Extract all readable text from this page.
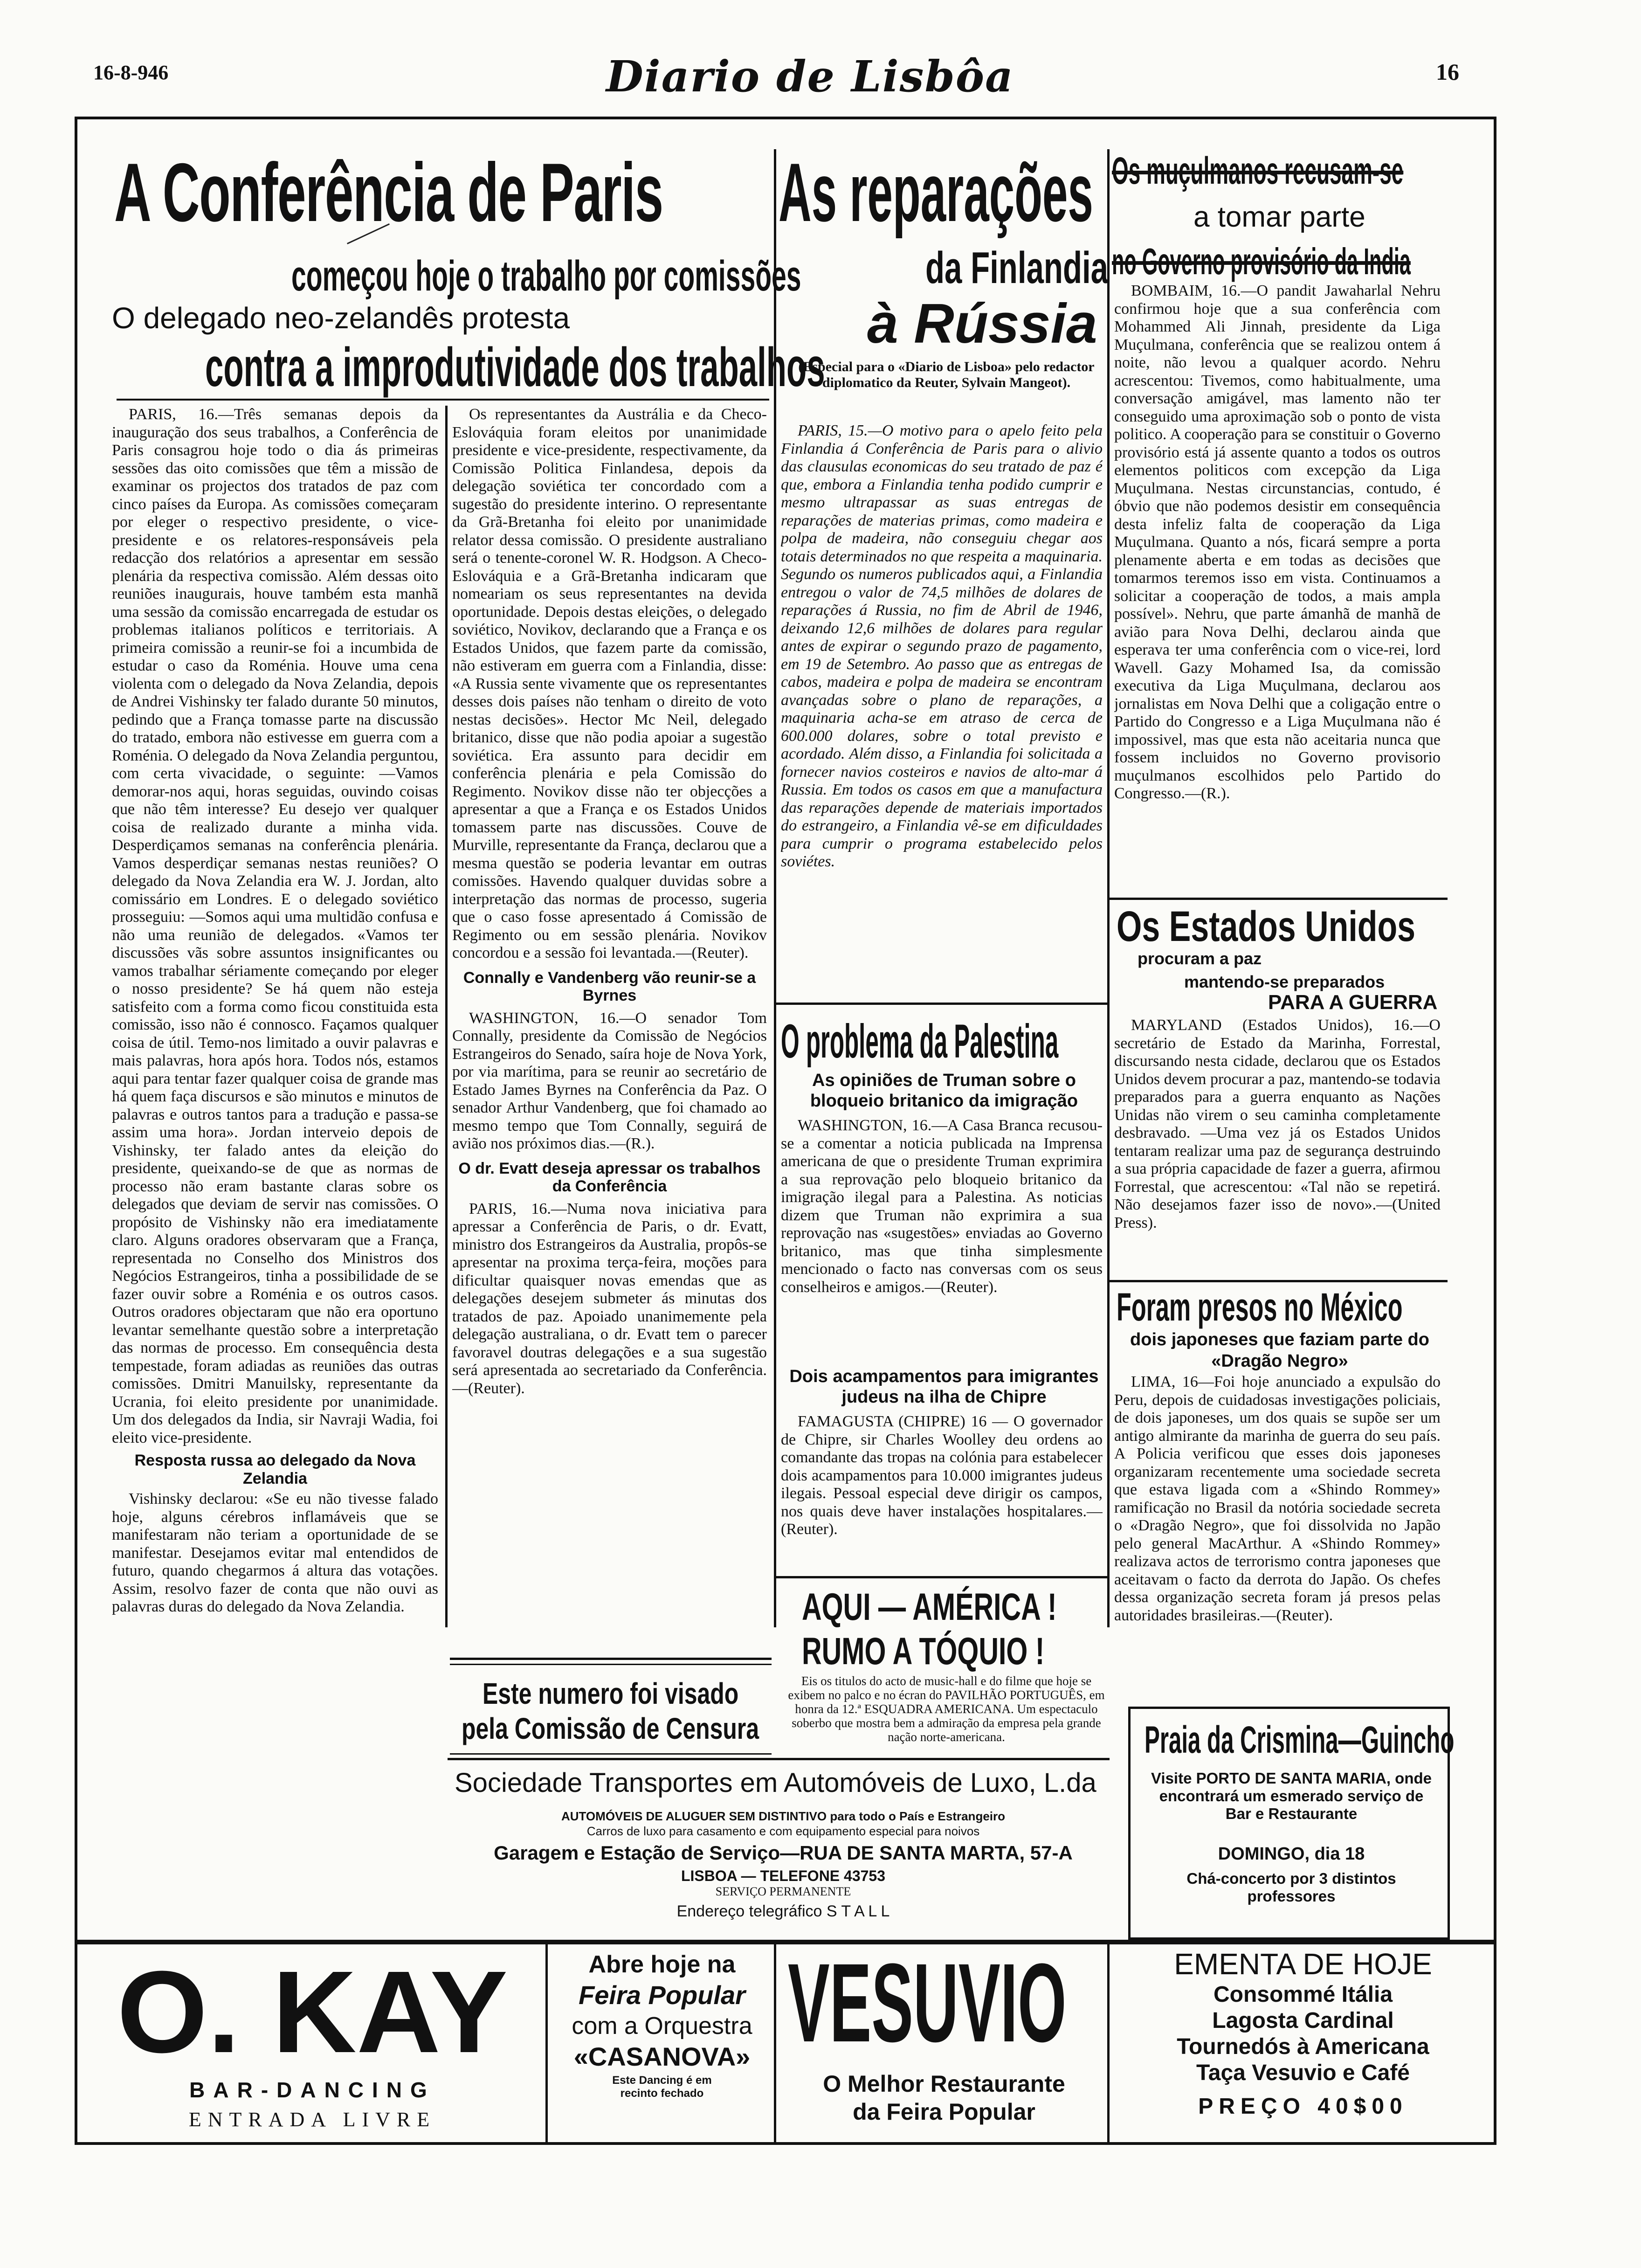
16-8-946	Diario de Lisbôa	16
A Conferência de Paris
começou hoje o trabalho por comissões
O delegado neo-zelandês protesta
contra a improdutividade dos trabalhos

PARIS, 16.—Três semanas depois da inauguração dos seus trabalhos, a Conferência de Paris consagrou hoje todo o dia ás primeiras sessões das oito comissões que têm a missão de examinar os projectos dos tratados de paz com cinco países da Europa. As comissões começaram por eleger o respectivo presidente, o vice-presidente e os relatores-responsáveis pela redacção dos relatórios a apresentar em sessão plenária da respectiva comissão. Além dessas oito reuniões inaugurais, houve também esta manhã uma sessão da comissão encarregada de estudar os problemas italianos políticos e territoriais. A primeira comissão a reunir-se foi a incumbida de estudar o caso da Roménia. Houve uma cena violenta com o delegado da Nova Zelandia, depois de Andrei Vishinsky ter falado durante 50 minutos, pedindo que a França tomasse parte na discussão do tratado, embora não estivesse em guerra com a Roménia. O delegado da Nova Zelandia perguntou, com certa vivacidade, o seguinte: —Vamos demorar-nos aqui, horas seguidas, ouvindo coisas que não têm interesse? Eu desejo ver qualquer coisa de realizado durante a minha vida. Desperdiçamos semanas na conferência plenária. Vamos desperdiçar semanas nestas reuniões? O delegado da Nova Zelandia era W. J. Jordan, alto comissário em Londres. E o delegado soviético prosseguiu: —Somos aqui uma multidão confusa e não uma reunião de delegados. «Vamos ter discussões vãs sobre assuntos insignificantes ou vamos trabalhar sériamente começando por eleger o nosso presidente? Se há quem não esteja satisfeito com a forma como ficou constituida esta comissão, isso não é connosco. Façamos qualquer coisa de útil. Temo-nos limitado a ouvir palavras e mais palavras, hora após hora. Todos nós, estamos aqui para tentar fazer qualquer coisa de grande mas há quem faça discursos e são minutos e minutos de palavras e outros tantos para a tradução e passa-se assim uma hora». Jordan interveio depois de Vishinsky, ter falado antes da eleição do presidente, queixando-se de que as normas de processo não eram bastante claras sobre os delegados que deviam de servir nas comissões. O propósito de Vishinsky não era imediatamente claro. Alguns oradores observaram que a França, representada no Conselho dos Ministros dos Negócios Estrangeiros, tinha a possibilidade de se fazer ouvir sobre a Roménia e os outros casos. Outros oradores objectaram que não era oportuno levantar semelhante questão sobre a interpretação das normas de processo. Em consequência desta tempestade, foram adiadas as reuniões das outras comissões. Dmitri Manuilsky, representante da Ucrania, foi eleito presidente por unanimidade. Um dos delegados da India, sir Navraji Wadia, foi eleito vice-presidente.

Resposta russa ao delegado da Nova Zelandia

Vishinsky declarou: «Se eu não tivesse falado hoje, alguns cérebros inflamáveis que se manifestaram não teriam a oportunidade de se manifestar. Desejamos evitar mal entendidos de futuro, quando chegarmos á altura das votações. Assim, resolvo fazer de conta que não ouvi as palavras duras do delegado da Nova Zelandia.

Os representantes da Austrália e da Checo-Eslováquia foram eleitos por unanimidade presidente e vice-presidente, respectivamente, da Comissão Politica Finlandesa, depois da delegação soviética ter concordado com a sugestão do presidente interino. O representante da Grã-Bretanha foi eleito por unanimidade relator dessa comissão. O presidente australiano será o tenente-coronel W. R. Hodgson. A Checo-Eslováquia e a Grã-Bretanha indicaram que nomeariam os seus representantes na devida oportunidade. Depois destas eleições, o delegado soviético, Novikov, declarando que a França e os Estados Unidos, que fazem parte da comissão, não estiveram em guerra com a Finlandia, disse: «A Russia sente vivamente que os representantes desses dois países não tenham o direito de voto nestas decisões». Hector Mc Neil, delegado britanico, disse que não podia apoiar a sugestão soviética. Era assunto para decidir em conferência plenária e pela Comissão do Regimento. Novikov disse não ter objecções a apresentar a que a França e os Estados Unidos tomassem parte nas discussões. Couve de Murville, representante da França, declarou que a mesma questão se poderia levantar em outras comissões. Havendo qualquer duvidas sobre a interpretação das normas de processo, sugeria que o caso fosse apresentado á Comissão de Regimento ou em sessão plenária. Novikov concordou e a sessão foi levantada.—(Reuter).

Connally e Vandenberg vão reunir-se a Byrnes

WASHINGTON, 16.—O senador Tom Connally, presidente da Comissão de Negócios Estrangeiros do Senado, saíra hoje de Nova York, por via marítima, para se reunir ao secretário de Estado James Byrnes na Conferência da Paz. O senador Arthur Vandenberg, que foi chamado ao mesmo tempo que Tom Connally, seguirá de avião nos próximos dias.—(R.).

O dr. Evatt deseja apressar os trabalhos da Conferência

PARIS, 16.—Numa nova iniciativa para apressar a Conferência de Paris, o dr. Evatt, ministro dos Estrangeiros da Australia, propôs-se apresentar na proxima terça-feira, moções para dificultar quaisquer novas emendas que as delegações desejem submeter ás minutas dos tratados de paz. Apoiado unanimemente pela delegação australiana, o dr. Evatt tem o parecer favoravel doutras delegações e a sua sugestão será apresentada ao secretariado da Conferência.—(Reuter).

Este numero foi visado
pela Comissão de Censura
As reparações
da Finlandia
à Rússia
(Especial para o «Diario de Lisboa» pelo redactor diplomatico da Reuter, Sylvain Mangeot).

PARIS, 15.—O motivo para o apelo feito pela Finlandia á Conferência de Paris para o alivio das clausulas economicas do seu tratado de paz é que, embora a Finlandia tenha podido cumprir e mesmo ultrapassar as suas entregas de reparações de materias primas, como madeira e polpa de madeira, não conseguiu chegar aos totais determinados no que respeita a maquinaria. Segundo os numeros publicados aqui, a Finlandia entregou o valor de 74,5 milhões de dolares de reparações á Russia, no fim de Abril de 1946, deixando 12,6 milhões de dolares para regular antes de expirar o segundo prazo de pagamento, em 19 de Setembro. Ao passo que as entregas de cabos, madeira e polpa de madeira se encontram avançadas sobre o plano de reparações, a maquinaria acha-se em atraso de cerca de 600.000 dolares, sobre o total previsto e acordado. Além disso, a Finlandia foi solicitada a fornecer navios costeiros e navios de alto-mar á Russia. Em todos os casos em que a manufactura das reparações depende de materiais importados do estrangeiro, a Finlandia vê-se em dificuldades para cumprir o programa estabelecido pelos soviétes.

O problema da Palestina
As opiniões de Truman sobre o bloqueio britanico da imigração

WASHINGTON, 16.—A Casa Branca recusou-se a comentar a noticia publicada na Imprensa americana de que o presidente Truman exprimira a sua reprovação pelo bloqueio britanico da imigração ilegal para a Palestina. As noticias dizem que Truman não exprimira a sua reprovação nas «sugestões» enviadas ao Governo britanico, mas que tinha simplesmente mencionado o facto nas conversas com os seus conselheiros e amigos.—(Reuter).

Dois acampamentos para imigrantes judeus na ilha de Chipre

FAMAGUSTA (CHIPRE) 16 — O governador de Chipre, sir Charles Woolley deu ordens ao comandante das tropas na colónia para estabelecer dois acampamentos para 10.000 imigrantes judeus ilegais. Pessoal especial deve dirigir os campos, nos quais deve haver instalações hospitalares.—(Reuter).

AQUI — AMÉRICA !
RUMO A TÓQUIO !
Eis os titulos do acto de music-hall e do filme que hoje se exibem no palco e no écran do PAVILHÃO PORTUGUÊS, em honra da 12.ª ESQUADRA AMERICANA. Um espectaculo soberbo que mostra bem a admiração da empresa pela grande nação norte-americana.
Os muçulmanos recusam-se
a tomar parte
no Governo provisório da India

BOMBAIM, 16.—O pandit Jawaharlal Nehru confirmou hoje que a sua conferência com Mohammed Ali Jinnah, presidente da Liga Muçulmana, conferência que se realizou ontem á noite, não levou a qualquer acordo. Nehru acrescentou: Tivemos, como habitualmente, uma conversação amigável, mas lamento não ter conseguido uma aproximação sob o ponto de vista politico. A cooperação para se constituir o Governo provisório está já assente quanto a todos os outros elementos politicos com excepção da Liga Muçulmana. Nestas circunstancias, contudo, é óbvio que não podemos desistir em consequência desta infeliz falta de cooperação da Liga Muçulmana. Quanto a nós, ficará sempre a porta plenamente aberta e em todas as decisões que tomarmos teremos isso em vista. Continuamos a solicitar a cooperação de todos, a mais ampla possível». Nehru, que parte ámanhã de manhã de avião para Nova Delhi, declarou ainda que esperava ter uma conferência com o vice-rei, lord Wavell. Gazy Mohamed Isa, da comissão executiva da Liga Muçulmana, declarou aos jornalistas em Nova Delhi que a coligação entre o Partido do Congresso e a Liga Muçulmana não é impossivel, mas que esta não aceitaria nunca que fossem incluidos no Governo provisorio muçulmanos escolhidos pelo Partido do Congresso.—(R.).

Os Estados Unidos
procuram a paz
mantendo-se preparados
PARA A GUERRA

MARYLAND (Estados Unidos), 16.—O secretário de Estado da Marinha, Forrestal, discursando nesta cidade, declarou que os Estados Unidos devem procurar a paz, mantendo-se todavia preparados para a guerra enquanto as Nações Unidas não virem o seu caminha completamente desbravado. —Uma vez já os Estados Unidos tentaram realizar uma paz de segurança destruindo a sua própria capacidade de fazer a guerra, afirmou Forrestal, que acrescentou: «Tal não se repetirá. Não desejamos fazer isso de novo».—(United Press).

Foram presos no México
dois japoneses que faziam parte do «Dragão Negro»

LIMA, 16—Foi hoje anunciado a expulsão do Peru, depois de cuidadosas investigações policiais, de dois japoneses, um dos quais se supõe ser um antigo almirante da marinha de guerra do seu país. A Policia verificou que esses dois japoneses organizaram recentemente uma sociedade secreta que estava ligada com a «Shindo Rommey» ramificação no Brasil da notória sociedade secreta o «Dragão Negro», que foi dissolvida no Japão pelo general MacArthur. A «Shindo Rommey» realizava actos de terrorismo contra japoneses que aceitavam o facto da derrota do Japão. Os chefes dessa organização secreta foram já presos pelas autoridades brasileiras.—(Reuter).

Praia da Crismina—Guincho
Visite PORTO DE SANTA MARIA, onde encontrará um esmerado serviço de Bar e Restaurante
DOMINGO, dia 18
Chá-concerto por 3 distintos professores
Sociedade Transportes em Automóveis de Luxo, L.da
AUTOMÓVEIS DE ALUGUER SEM DISTINTIVO para todo o País e Estrangeiro
Carros de luxo para casamento e com equipamento especial para noivos
Garagem e Estação de Serviço—RUA DE SANTA MARTA, 57-A
LISBOA — TELEFONE 43753
SERVIÇO PERMANENTE
Endereço telegráfico S T A L L
O. KAY
BAR-DANCING
ENTRADA LIVRE
Abre hoje na
Feira Popular
com a Orquestra
«CASANOVA»
Este Dancing é em recinto fechado
VESUVIO
O Melhor Restaurante
da Feira Popular
EMENTA DE HOJE
Consommé Itália
Lagosta Cardinal
Tournedós à Americana
Taça Vesuvio e Café
PREÇO 40$00
